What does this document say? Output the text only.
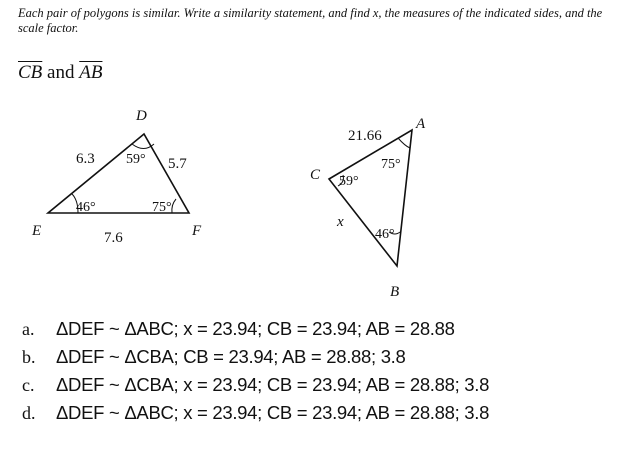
Each pair of polygons is similar. Write a similarity statement, and find x, the measures of the indicated sides, and the scale factor.
$\overline{CB}$ and $\overline{AB}$
D
E	F
6.3	5.7
7.6
59°
46°	75°
A
B
C
21.66
x
59°
75°
46°
a.	ΔDEF ~ ΔABC; x = 23.94; CB = 23.94; AB = 28.88
b.	ΔDEF ~ ΔCBA; CB = 23.94; AB = 28.88; 3.8
c.	ΔDEF ~ ΔCBA; x = 23.94; CB = 23.94; AB = 28.88; 3.8
d.	ΔDEF ~ ΔABC; x = 23.94; CB = 23.94; AB = 28.88; 3.8
